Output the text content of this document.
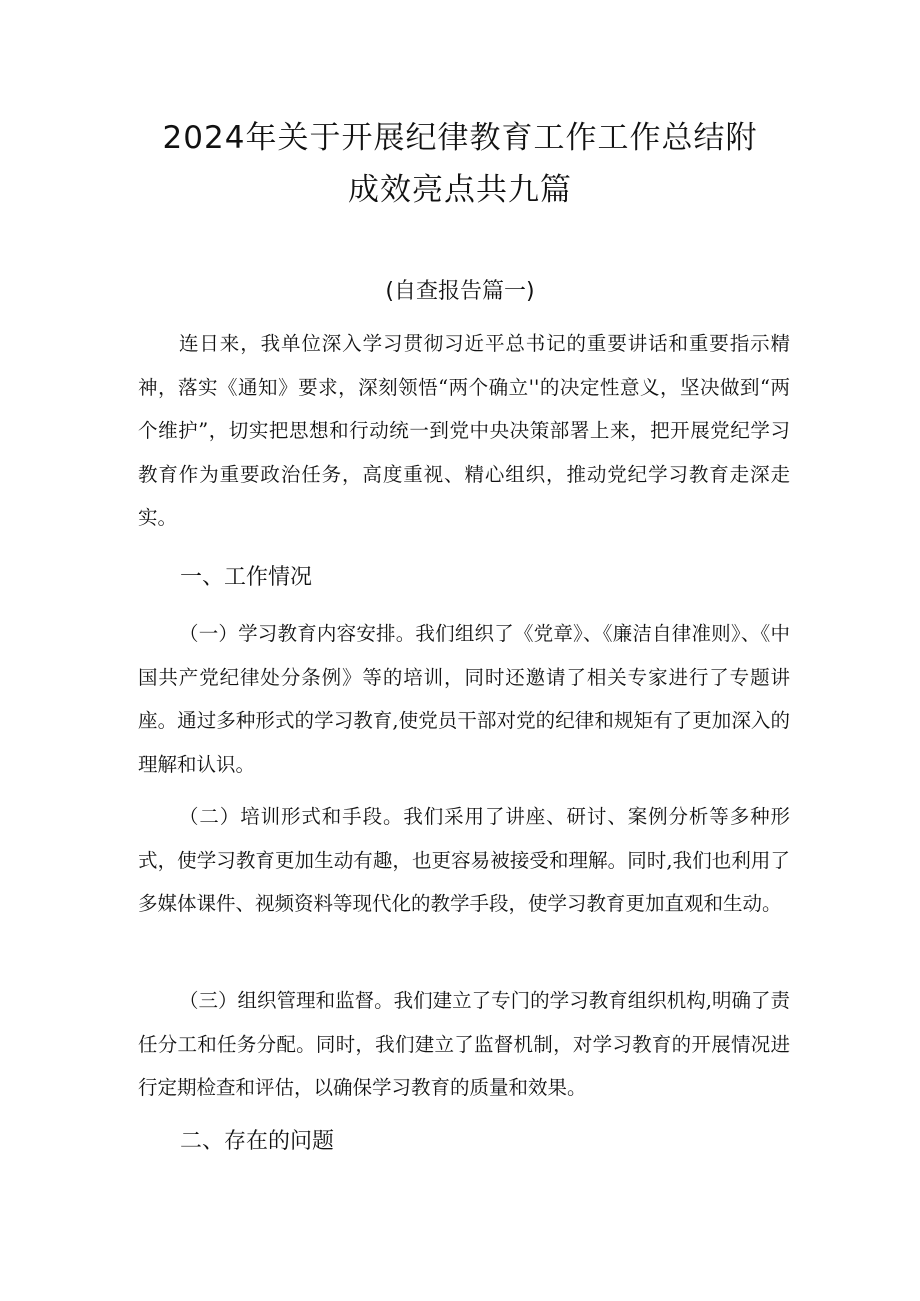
2024年关于开展纪律教育工作工作总结附
成效亮点共九篇
(自查报告篇一)

连日来，我单位深入学习贯彻习近平总书记的重要讲话和重要指示精神，落实《通知》要求，深刻领悟“两个确立''的决定性意义，坚决做到“两个维护”，切实把思想和行动统一到党中央决策部署上来，把开展党纪学习教育作为重要政治任务，高度重视、精心组织，推动党纪学习教育走深走实。

一、工作情况

（一）学习教育内容安排。我们组织了《党章》、《廉洁自律准则》、《中国共产党纪律处分条例》等的培训，同时还邀请了相关专家进行了专题讲座。通过多种形式的学习教育,使党员干部对党的纪律和规矩有了更加深入的理解和认识。

（二）培训形式和手段。我们采用了讲座、研讨、案例分析等多种形式，使学习教育更加生动有趣，也更容易被接受和理解。同时,我们也利用了多媒体课件、视频资料等现代化的教学手段，使学习教育更加直观和生动。

（三）组织管理和监督。我们建立了专门的学习教育组织机构,明确了责任分工和任务分配。同时，我们建立了监督机制，对学习教育的开展情况进行定期检查和评估，以确保学习教育的质量和效果。

二、存在的问题
